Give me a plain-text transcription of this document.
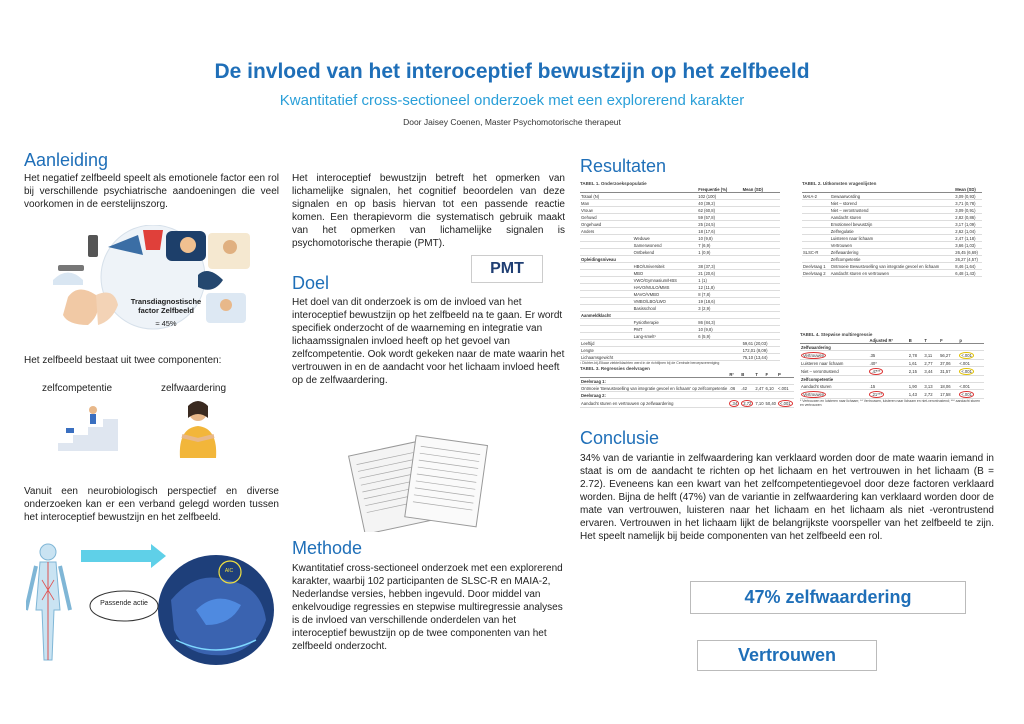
De invloed van het interoceptief bewustzijn op het zelfbeeld
Kwantitatief cross-sectioneel onderzoek met een explorerend karakter
Door Jaisey Coenen, Master Psychomotorische therapeut
Aanleiding
Het negatief zelfbeeld speelt als emotionele factor een rol bij verschillende psychiatrische aandoeningen die veel voorkomen in de eerstelijnszorg.
Transdiagnostische factor Zelfbeeld
≈ 45%
Het zelfbeeld bestaat uit twee componenten:
zelfcompetentie	zelfwaardering
Vanuit een neurobiologisch perspectief en diverse onderzoeken kan er een verband gelegd worden tussen het interoceptief bewustzijn en het zelfbeeld.
Passende actie
AIC
Het interoceptief bewustzijn betreft het opmerken van lichamelijke signalen, het cognitief beoordelen van deze signalen en op basis hiervan tot een passende reactie komen. Een therapievorm die systematisch gebruik maakt van het opmerken van lichamelijke signalen is psychomotorische therapie (PMT).
PMT
Doel
Het doel van dit onderzoek is om de invloed van het interoceptief bewustzijn op het zelfbeeld na te gaan. Er wordt specifiek onderzocht of de waarneming en integratie van lichaamssignalen invloed heeft op het gevoel van zelfcompetentie. Ook wordt gekeken naar de mate waarin het vertrouwen in en de aandacht voor het lichaam invloed heeft op de zelfwaardering.
Methode
Kwantitatief cross-sectioneel onderzoek met een explorerend karakter, waarbij 102 participanten de SLSC-R en MAIA-2, Nederlandse versies, hebben ingevuld. Door middel van enkelvoudige regressies en stepwise multiregressie analyses is de invloed van verschillende onderdelen van het interoceptief bewustzijn op de twee componenten van het zelfbeeld onderzocht.
Resultaten
TABEL 1. Onderzoekspopulatie
		Frequentie (%)	Mean (SD)
Totaal (N)		102 (100)	
Man		40 (39,2)	
Vrouw		62 (60,8)	
Gehuwd		59 (57,8)	
Ongehuwd		25 (24,5)	
Anders		18 (17,6)	
	Weduwe	10 (9,8)	
	Samenwonend	7 (6,9)	
	Ontbekend	1 (0,9)	
Opleidingsniveau			
	HBO/Universiteit	38 (37,3)	
	MBO	21 (20,6)	
	VWO/Gymnasium/HBS	1 (1)	
	HAVO/MULO/MMS	12 (11,8)	
	MAVO/VMBO	8 (7,8)	
	VMBO/LBO/LWO	19 (18,6)	
	Basisschool	3 (2,9)	
Aanmeldklacht			
	Fysiotherapie	86 (84,3)	
	PMT	10 (9,8)	
	Lang-smelt¹	6 (5,9)	
Leeftijd			59,61 (20,03)
Lengte			172,01 (8,09)
Lichaamsgewicht			75,10 (13,44)
¹ Dichter-bij-Elkaar ziekte/klachten werd in de richtlijnen bij de Centrale beroepsvereniging
TABEL 2. Uitkomsten vragenlijsten
		Mean (SD)
MAIA-2	Gewaarwording	3,09 (0,93)
	Niet – storend	3,71 (0,78)
	Niet – verontrustend	3,09 (0,91)
	Aandacht sturen	2,82 (0,86)
	Emotioneel bewustzijn	3,17 (1,09)
	Zelfregulatie	2,62 (1,04)
	Luisteren naar lichaam	2,47 (1,18)
	Vertrouwen	3,66 (1,03)
SLSC-R	Zelfwaardering	26,45 (6,69)
	Zelfcompetentie	26,27 (4,57)
Deelvraag 1	Ontmoeie Bewustvoelling van integratie gevoel en lichaam	8,46 (1,64)
Deelvraag 2	Aandacht sturen en vertrouwen	6,48 (1,43)
TABEL 3. Regressies deelvragen
	R²	B	T	F	P
Deelvraag 1:					
Ontmoeie 'Bewustvoelling van integratie gevoel en lichaam' op zelfcompetentie	.06	.42	2,47	6,10	<.001
Deelvraag 2:					
Aandacht sturen en vertrouwen op zelfwaardering	.34	2,72	7,10	50,40	<.001
TABEL 4. Stepwise multiregressie
	Adjusted R²	B	T	F	p
Zelfwaardering					
Vertrouwen	.35	2,78	3,11	56,27	<.001
Luisteren naar lichaam	.40*	1,61	2,77	37,06	<.001
Niet – verontrustend	.47**	2,15	3,44	31,57	<.001
Zelfcompetentie					
Aandacht sturen	.15	1,90	3,13	18,06	<.001
Vertrouwen	.21***	1,43	2,72	17,58	<.001
* Vertrouwen en luisteren naar lichaam; ** Vertrouwen, luisteren naar lichaam en niet-verontrustend; *** aandacht sturen en vertrouwen
Conclusie
34% van de variantie in zelfwaardering kan verklaard worden door de mate waarin iemand in staat is om de aandacht te richten op het lichaam en het vertrouwen in het lichaam (B = 2.72). Eveneens kan een kwart van het zelfcompetentiegevoel door deze factoren verklaard worden. Bijna de helft (47%) van de variantie in zelfwaardering kan verklaard worden door de mate van vertrouwen, luisteren naar het lichaam en het lichaam als niet -verontrustend ervaren. Vertrouwen in het lichaam lijkt de belangrijkste voorspeller van het zelfbeeld te zijn. Het speelt namelijk bij beide componenten van het zelfbeeld een rol.
47% zelfwaardering
Vertrouwen
